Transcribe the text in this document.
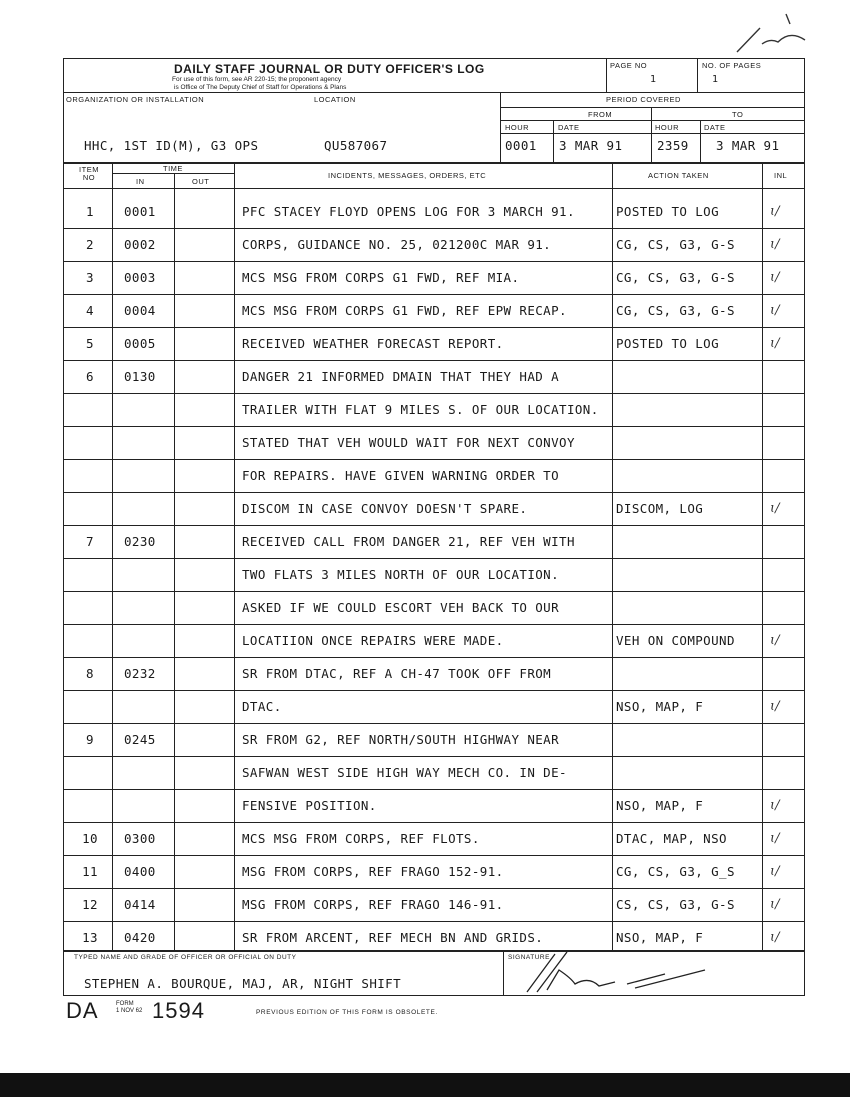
DAILY STAFF JOURNAL OR DUTY OFFICER'S LOG
For use of this form, see AR 220-15; the proponent agency
is Office of The Deputy Chief of Staff for Operations & Plans
PAGE NO
1
NO. OF PAGES
1
ORGANIZATION OR INSTALLATION	LOCATION	PERIOD COVERED
FROM	TO
HOUR	DATE	HOUR	DATE
HHC, 1ST ID(M), G3 OPS	QU587067	0001 3 MAR 91	2359 3 MAR 91
ITEM NO
TIME
IN	OUT
INCIDENTS, MESSAGES, ORDERS, ETC	ACTION TAKEN	INL
1	0001	PFC STACEY FLOYD OPENS LOG FOR 3 MARCH 91.	POSTED TO LOG	ɩ/
2	0002	CORPS, GUIDANCE NO. 25, 021200C MAR 91.	CG, CS, G3, G-S	ɩ/
3	0003	MCS MSG FROM CORPS G1 FWD, REF MIA.	CG, CS, G3, G-S	ɩ/
4	0004	MCS MSG FROM CORPS G1 FWD, REF EPW RECAP.	CG, CS, G3, G-S	ɩ/
5	0005	RECEIVED WEATHER FORECAST REPORT.	POSTED TO LOG	ɩ/
6	0130	DANGER 21 INFORMED DMAIN THAT THEY HAD A
TRAILER WITH FLAT 9 MILES S. OF OUR LOCATION.
STATED THAT VEH WOULD WAIT FOR NEXT CONVOY
FOR REPAIRS. HAVE GIVEN WARNING ORDER TO
DISCOM IN CASE CONVOY DOESN'T SPARE.	DISCOM, LOG	ɩ/
7	0230	RECEIVED CALL FROM DANGER 21, REF VEH WITH
TWO FLATS 3 MILES NORTH OF OUR LOCATION.
ASKED IF WE COULD ESCORT VEH BACK TO OUR
LOCATIION ONCE REPAIRS WERE MADE.	VEH ON COMPOUND	ɩ/
8	0232	SR FROM DTAC, REF A CH-47 TOOK OFF FROM
DTAC.	NSO, MAP, F	ɩ/
9	0245	SR FROM G2, REF NORTH/SOUTH HIGHWAY NEAR
SAFWAN WEST SIDE HIGH WAY MECH CO. IN DE-
FENSIVE POSITION.	NSO, MAP, F	ɩ/
10 0300	MCS MSG FROM CORPS, REF FLOTS.	DTAC, MAP, NSO	ɩ/
11 0400	MSG FROM CORPS, REF FRAGO 152-91.	CG, CS, G3, G_S	ɩ/
12 0414	MSG FROM CORPS, REF FRAGO 146-91.	CS, CS, G3, G-S	ɩ/
13 0420	SR FROM ARCENT, REF MECH BN AND GRIDS.	NSO, MAP, F	ɩ/
TYPED NAME AND GRADE OF OFFICER OR OFFICIAL ON DUTY
STEPHEN A. BOURQUE, MAJ, AR, NIGHT SHIFT
SIGNATURE
DA	FORM
1 NOV 62 1594	PREVIOUS EDITION OF THIS FORM IS OBSOLETE.
